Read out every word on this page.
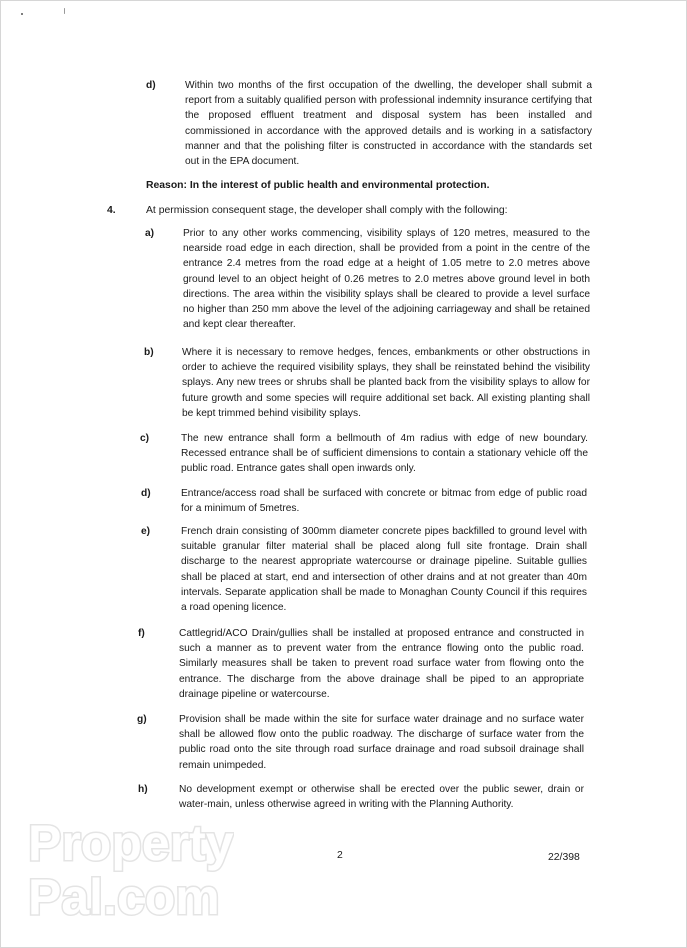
d)	Within two months of the first occupation of the dwelling, the developer shall submit a report from a suitably qualified person with professional indemnity insurance certifying that the proposed effluent treatment and disposal system has been installed and commissioned in accordance with the approved details and is working in a satisfactory manner and that the polishing filter is constructed in accordance with the standards set out in the EPA document.
Reason: In the interest of public health and environmental protection.
4.	At permission consequent stage, the developer shall comply with the following:
a)	Prior to any other works commencing, visibility splays of 120 metres, measured to the nearside road edge in each direction, shall be provided from a point in the centre of the entrance 2.4 metres from the road edge at a height of 1.05 metre to 2.0 metres above ground level to an object height of 0.26 metres to 2.0 metres above ground level in both directions. The area within the visibility splays shall be cleared to provide a level surface no higher than 250 mm above the level of the adjoining carriageway and shall be retained and kept clear thereafter.
b)	Where it is necessary to remove hedges, fences, embankments or other obstructions in order to achieve the required visibility splays, they shall be reinstated behind the visibility splays. Any new trees or shrubs shall be planted back from the visibility splays to allow for future growth and some species will require additional set back. All existing planting shall be kept trimmed behind visibility splays.
c)	The new entrance shall form a bellmouth of 4m radius with edge of new boundary. Recessed entrance shall be of sufficient dimensions to contain a stationary vehicle off the public road. Entrance gates shall open inwards only.
d)	Entrance/access road shall be surfaced with concrete or bitmac from edge of public road for a minimum of 5metres.
e)	French drain consisting of 300mm diameter concrete pipes backfilled to ground level with suitable granular filter material shall be placed along full site frontage. Drain shall discharge to the nearest appropriate watercourse or drainage pipeline. Suitable gullies shall be placed at start, end and intersection of other drains and at not greater than 40m intervals. Separate application shall be made to Monaghan County Council if this requires a road opening licence.
f)	Cattlegrid/ACO Drain/gullies shall be installed at proposed entrance and constructed in such a manner as to prevent water from the entrance flowing onto the public road. Similarly measures shall be taken to prevent road surface water from flowing onto the entrance. The discharge from the above drainage shall be piped to an appropriate drainage pipeline or watercourse.
g)	Provision shall be made within the site for surface water drainage and no surface water shall be allowed flow onto the public roadway. The discharge of surface water from the public road onto the site through road surface drainage and road subsoil drainage shall remain unimpeded.
h)	No development exempt or otherwise shall be erected over the public sewer, drain or water-main, unless otherwise agreed in writing with the Planning Authority.
Property
Pal.com
2	22/398
